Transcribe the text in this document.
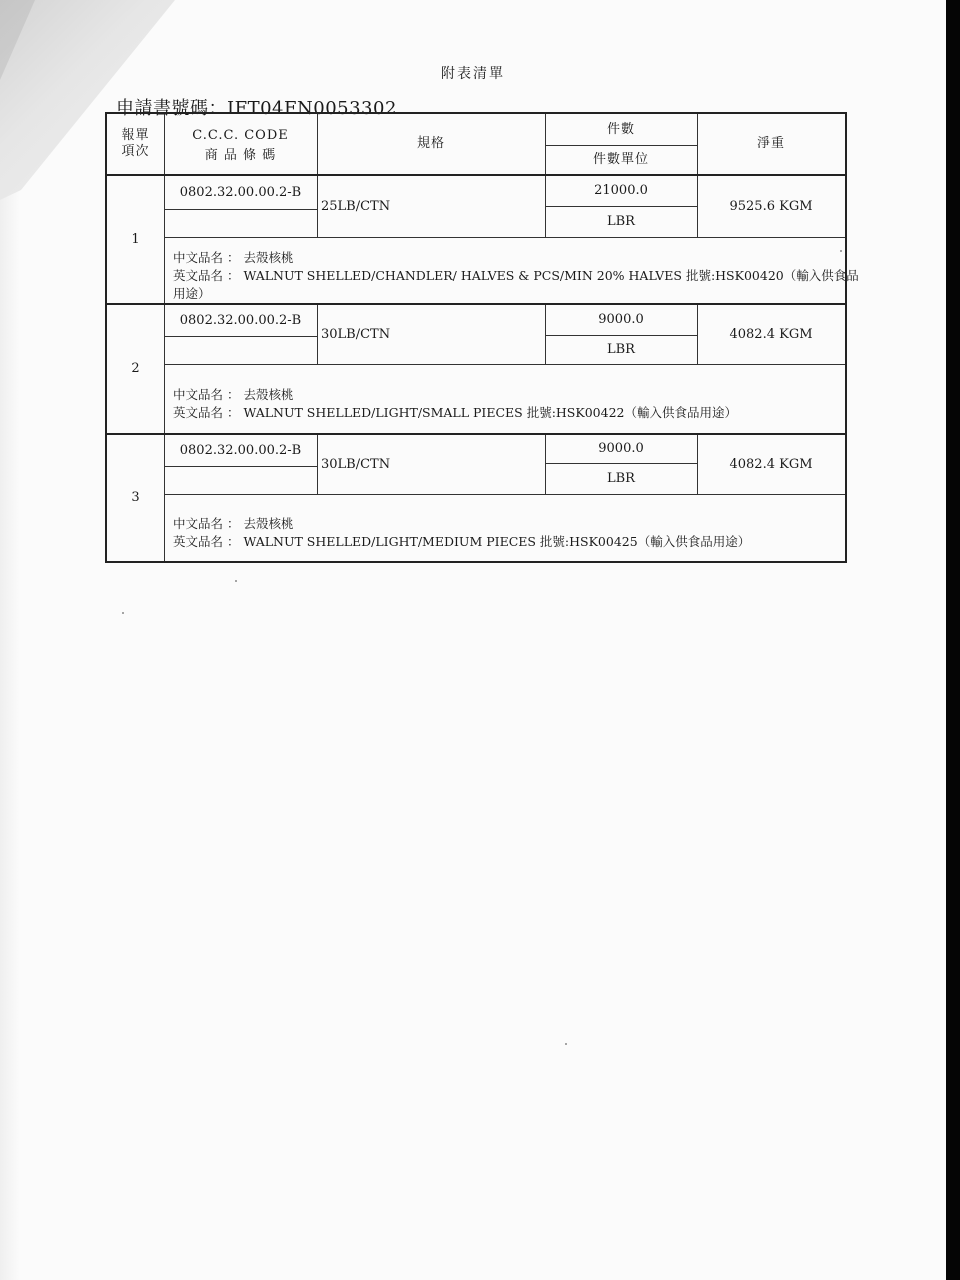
附表清單
申請書號碼：IFT04FN0053302
報單
項次
C.C.C. CODE
商 品 條 碼
規格
件數
件數單位
淨重
1
0802.32.00.00.2-B
25LB/CTN
21000.0
LBR
9525.6 KGM
中文品名 ： 去殼核桃
英文品名 ： WALNUT SHELLED/CHANDLER/ HALVES & PCS/MIN 20% HALVES 批號:HSK00420（輸入供食品
用途）
2
0802.32.00.00.2-B
30LB/CTN
9000.0
LBR
4082.4 KGM
中文品名 ： 去殼核桃
英文品名 ： WALNUT SHELLED/LIGHT/SMALL PIECES 批號:HSK00422（輸入供食品用途）
3
0802.32.00.00.2-B
30LB/CTN
9000.0
LBR
4082.4 KGM
中文品名 ： 去殼核桃
英文品名 ： WALNUT SHELLED/LIGHT/MEDIUM PIECES 批號:HSK00425（輸入供食品用途）
